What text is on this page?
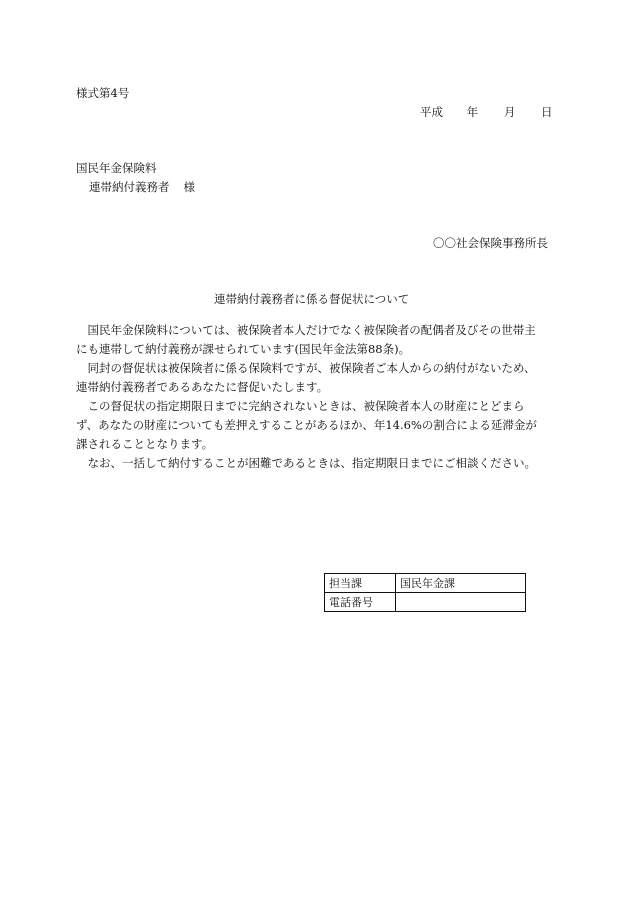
様式第4号
平成 年 月 日
国民年金保険料
連帯納付義務者 様
〇〇社会保険事務所長
連帯納付義務者に係る督促状について
　国民年金保険料については、被保険者本人だけでなく被保険者の配偶者及びその世帯主
にも連帯して納付義務が課せられています(国民年金法第88条)。
　同封の督促状は被保険者に係る保険料ですが、被保険者ご本人からの納付がないため、
連帯納付義務者であるあなたに督促いたします。
　この督促状の指定期限日までに完納されないときは、被保険者本人の財産にとどまら
ず、あなたの財産についても差押えすることがあるほか、年14.6%の割合による延滞金が
課されることとなります。
　なお、一括して納付することが困難であるときは、指定期限日までにご相談ください。
担当課	国民年金課
電話番号	
